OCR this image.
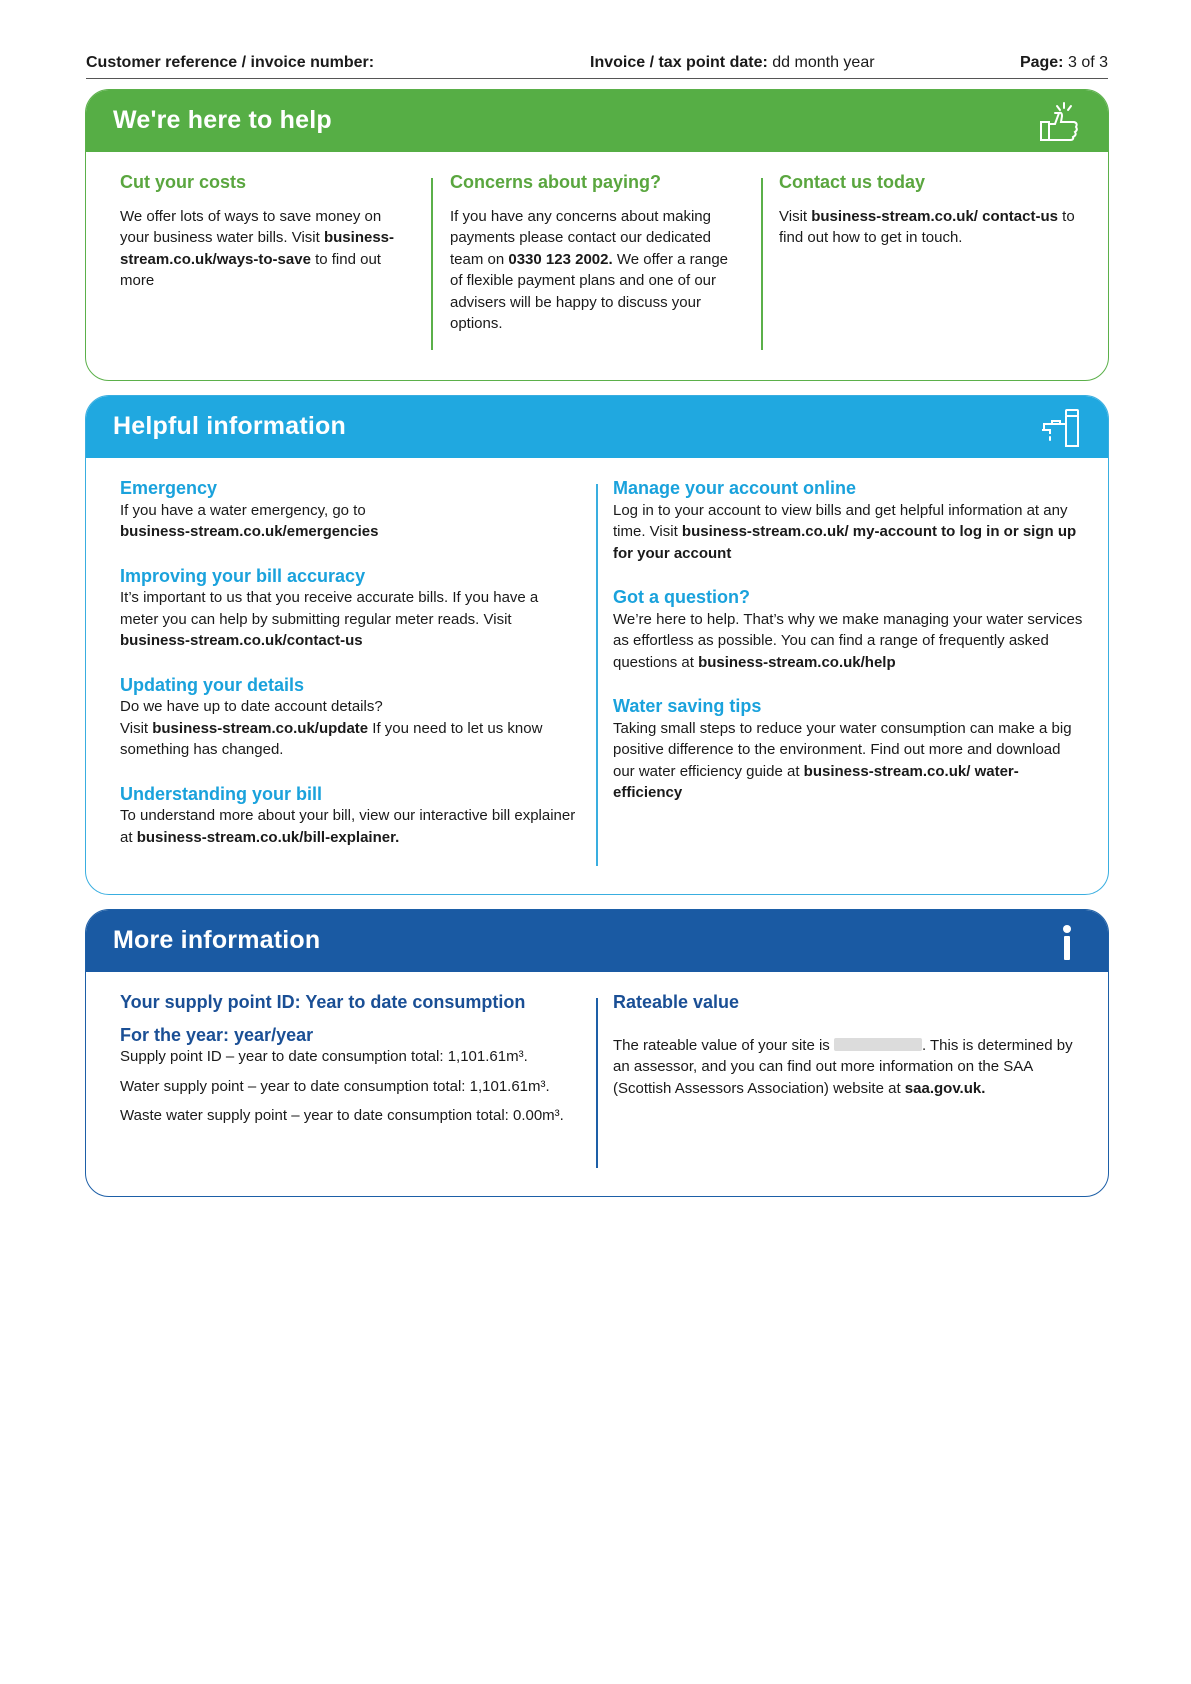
Customer reference / invoice number:	Invoice / tax point date: dd month year	Page: 3 of 3
We're here to help
Cut your costs

We offer lots of ways to save money on your business water bills. Visit business-stream.co.uk/ways-to-save to find out more

Concerns about paying?

If you have any concerns about making payments please contact our dedicated team on 0330 123 2002. We offer a range of flexible payment plans and one of our advisers will be happy to discuss your options.

Contact us today

Visit business-stream.co.uk/ contact-us to find out how to get in touch.

Helpful information
Emergency

If you have a water emergency, go to
business-stream.co.uk/emergencies

Improving your bill accuracy

It’s important to us that you receive accurate bills. If you have a meter you can help by submitting regular meter reads. Visit business-stream.co.uk/contact-us

Updating your details

Do we have up to date account details?
Visit business-stream.co.uk/update If you need to let us know something has changed.

Understanding your bill

To understand more about your bill, view our interactive bill explainer at business-stream.co.uk/bill-explainer.

Manage your account online

Log in to your account to view bills and get helpful information at any time. Visit business-stream.co.uk/ my-account to log in or sign up for your account

Got a question?

We’re here to help. That’s why we make managing your water services as effortless as possible. You can find a range of frequently asked questions at business-stream.co.uk/help

Water saving tips

Taking small steps to reduce your water consumption can make a big positive difference to the environment. Find out more and download our water efficiency guide at business-stream.co.uk/ water-efficiency

More information
Your supply point ID: Year to date consumption
For the year: year/year

Supply point ID – year to date consumption total: 1,101.61m³.

Water supply point – year to date consumption total: 1,101.61m³.

Waste water supply point – year to date consumption total: 0.00m³.

Rateable value

The rateable value of your site is	. This is determined by an assessor, and you can find out more information on the SAA (Scottish Assessors Association) website at saa.gov.uk.
